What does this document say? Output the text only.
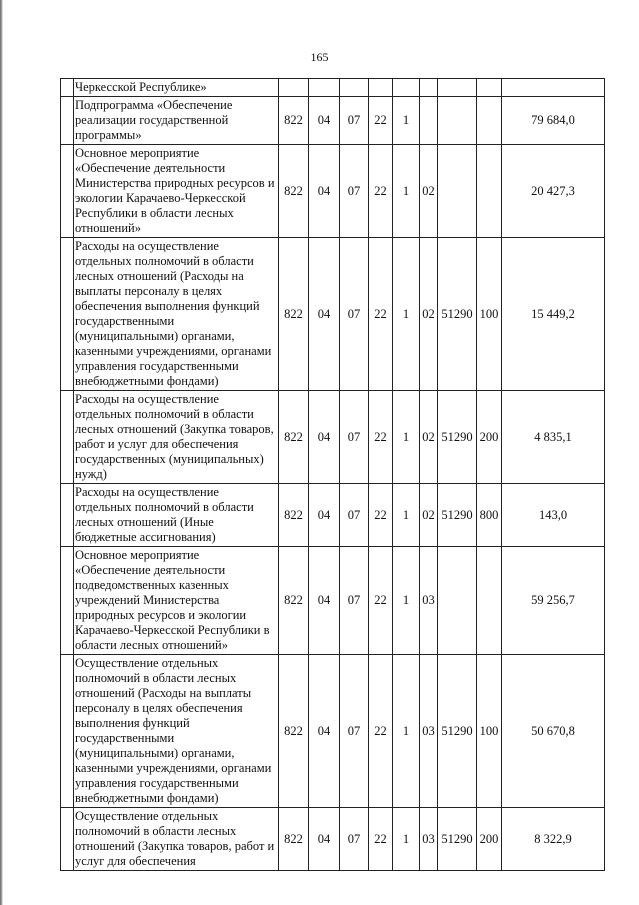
165
	Черкесской Республике»									
	Подпрограмма «Обеспечение реализации государственной программы»	822	04	07	22	1				79 684,0
	Основное мероприятие «Обеспечение деятельности Министерства природных ресурсов и экологии Карачаево-Черкесской Республики в области лесных отношений»	822	04	07	22	1	02			20 427,3
	Расходы на осуществление отдельных полномочий в области лесных отношений (Расходы на выплаты персоналу в целях обеспечения выполнения функций государственными (муниципальными) органами, казенными учреждениями, органами управления государственными внебюджетными фондами)	822	04	07	22	1	02	51290	100	15 449,2
	Расходы на осуществление отдельных полномочий в области лесных отношений (Закупка товаров, работ и услуг для обеспечения государственных (муниципальных) нужд)	822	04	07	22	1	02	51290	200	4 835,1
	Расходы на осуществление отдельных полномочий в области лесных отношений (Иные бюджетные ассигнования)	822	04	07	22	1	02	51290	800	143,0
	Основное мероприятие «Обеспечение деятельности подведомственных казенных учреждений Министерства природных ресурсов и экологии Карачаево-Черкесской Республики в области лесных отношений»	822	04	07	22	1	03			59 256,7
	Осуществление отдельных полномочий в области лесных отношений (Расходы на выплаты персоналу в целях обеспечения выполнения функций государственными (муниципальными) органами, казенными учреждениями, органами управления государственными внебюджетными фондами)	822	04	07	22	1	03	51290	100	50 670,8
	Осуществление отдельных полномочий в области лесных отношений (Закупка товаров, работ и услуг для обеспечения	822	04	07	22	1	03	51290	200	8 322,9
